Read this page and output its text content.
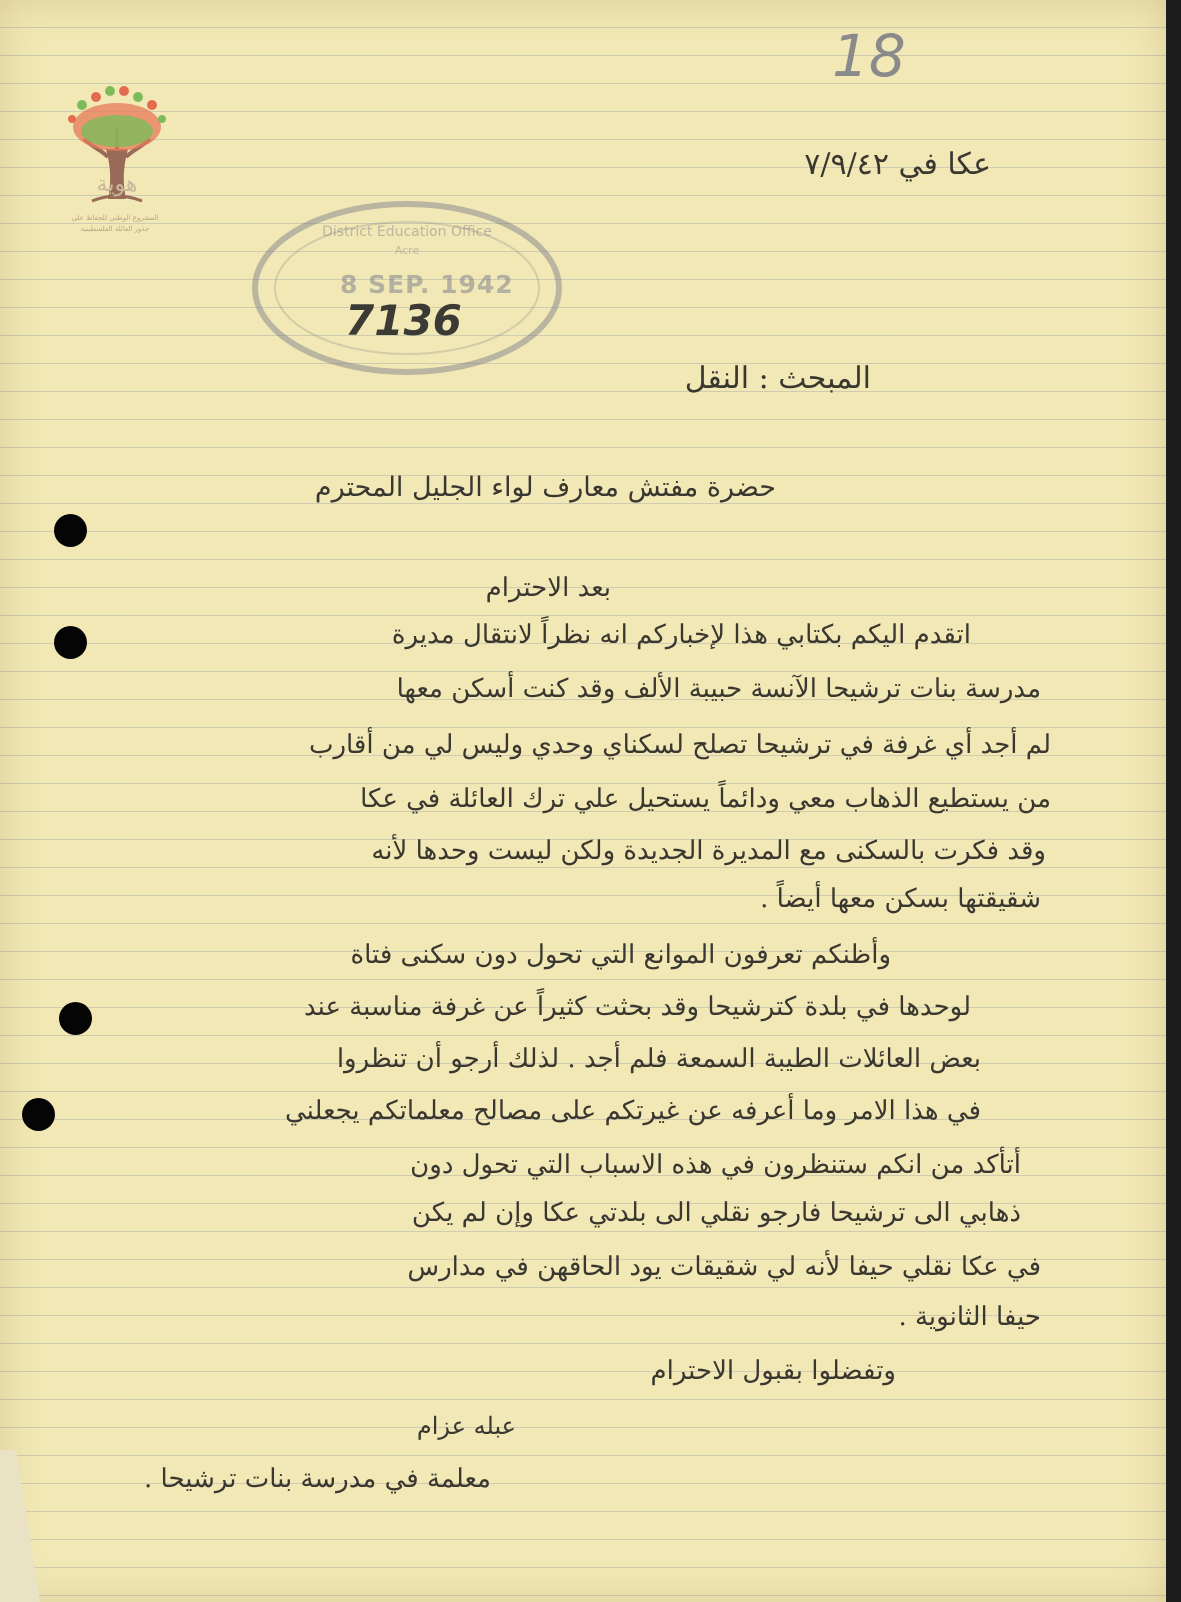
هوية
المشروع الوطني للحفاظ على
جذور العائلة الفلسطينية
18
District Education Office
Acre
8 SEP. 1942
7136
عكا في ٧/٩/٤٢
المبحث : النقل
حضرة مفتش معارف لواء الجليل المحترم
بعد الاحترام
اتقدم اليكم بكتابي هذا لإخباركم انه نظراً لانتقال مديرة
مدرسة بنات ترشيحا الآنسة حبيبة الألف وقد كنت أسكن معها
لم أجد أي غرفة في ترشيحا تصلح لسكناي وحدي وليس لي من أقارب
من يستطيع الذهاب معي ودائماً يستحيل علي ترك العائلة في عكا
وقد فكرت بالسكنى مع المديرة الجديدة ولكن ليست وحدها لأنه
شقيقتها بسكن معها أيضاً .
وأظنكم تعرفون الموانع التي تحول دون سكنى فتاة
لوحدها في بلدة كترشيحا وقد بحثت كثيراً عن غرفة مناسبة عند
بعض العائلات الطيبة السمعة فلم أجد . لذلك أرجو أن تنظروا
في هذا الامر وما أعرفه عن غيرتكم على مصالح معلماتكم يجعلني
أتأكد من انكم ستنظرون في هذه الاسباب التي تحول دون
ذهابي الى ترشيحا فارجو نقلي الى بلدتي عكا وإن لم يكن
في عكا نقلي حيفا لأنه لي شقيقات يود الحاقهن في مدارس
حيفا الثانوية .
وتفضلوا بقبول الاحترام
عبله عزام
معلمة في مدرسة بنات ترشيحا .
